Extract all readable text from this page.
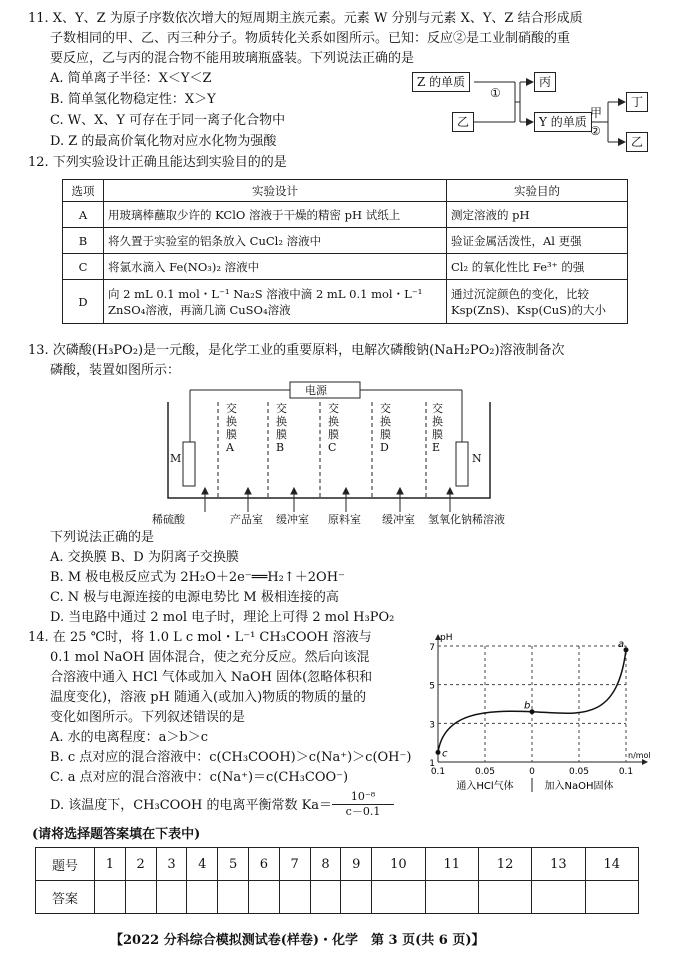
11. X、Y、Z 为原子序数依次增大的短周期主族元素。元素 W 分别与元素 X、Y、Z 结合形成质
子数相同的甲、乙、丙三种分子。物质转化关系如图所示。已知：反应②是工业制硝酸的重
要反应，乙与丙的混合物不能用玻璃瓶盛装。下列说法正确的是
A. 简单离子半径：X＜Y＜Z
B. 简单氢化物稳定性：X＞Y
C. W、X、Y 可存在于同一离子化合物中
D. Z 的最高价氧化物对应水化物为强酸
Z 的单质	丙
①
乙	Y 的单质
甲
②
丁
乙
12. 下列实验设计正确且能达到实验目的的是
选项	实验设计	实验目的
A	用玻璃棒蘸取少许的 KClO 溶液于干燥的精密 pH 试纸上	测定溶液的 pH
B	将久置于实验室的铝条放入 CuCl₂ 溶液中	验证金属活泼性，Al 更强
C	将氯水滴入 Fe(NO₃)₂ 溶液中	Cl₂ 的氧化性比 Fe³⁺ 的强
D	向 2 mL 0.1 mol・L⁻¹ Na₂S 溶液中滴 2 mL 0.1 mol・L⁻¹ ZnSO₄溶液，再滴几滴 CuSO₄溶液	通过沉淀颜色的变化，比较 Ksp(ZnS)、Ksp(CuS)的大小
13. 次磷酸(H₃PO₂)是一元酸，是化学工业的重要原料，电解次磷酸钠(NaH₂PO₂)溶液制备次
磷酸，装置如图所示：
电源
M	N
交换膜A
交换膜B
交换膜C
交换膜D
交换膜E
稀硫酸	产品室 缓冲室 原料室 缓冲室 氢氧化钠稀溶液
下列说法正确的是
A. 交换膜 B、D 为阴离子交换膜
B. M 极电极反应式为 2H₂O＋2e⁻══H₂↑＋2OH⁻
C. N 极与电源连接的电源电势比 M 极相连接的高
D. 当电路中通过 2 mol 电子时，理论上可得 2 mol H₃PO₂
14. 在 25 ℃时，将 1.0 L c mol・L⁻¹ CH₃COOH 溶液与
0.1 mol NaOH 固体混合，使之充分反应。然后向该混
合溶液中通入 HCl 气体或加入 NaOH 固体(忽略体积和
温度变化)，溶液 pH 随通入(或加入)物质的物质的量的
变化如图所示。下列叙述错误的是
A. 水的电离程度：a＞b＞c
B. c 点对应的混合溶液中：c(CH₃COOH)＞c(Na⁺)＞c(OH⁻)
C. a 点对应的混合溶液中：c(Na⁺)＝c(CH₃COO⁻)
D. 该温度下，CH₃COOH 的电离平衡常数 $Ka= \frac{\text{10⁻⁸}}{c-0.1}$
1
3
5
7
0.1	0.05	0	0.05	0.1
pH
n/mol
通入HCl气体	加入NaOH固体
c
b
a
(请将选择题答案填在下表中)
题号	1	2	3	4	5	6	7	8	9	10	11	12	13	14
答案														
【2022 分科综合模拟测试卷(样卷)・化学　第 3 页(共 6 页)】
